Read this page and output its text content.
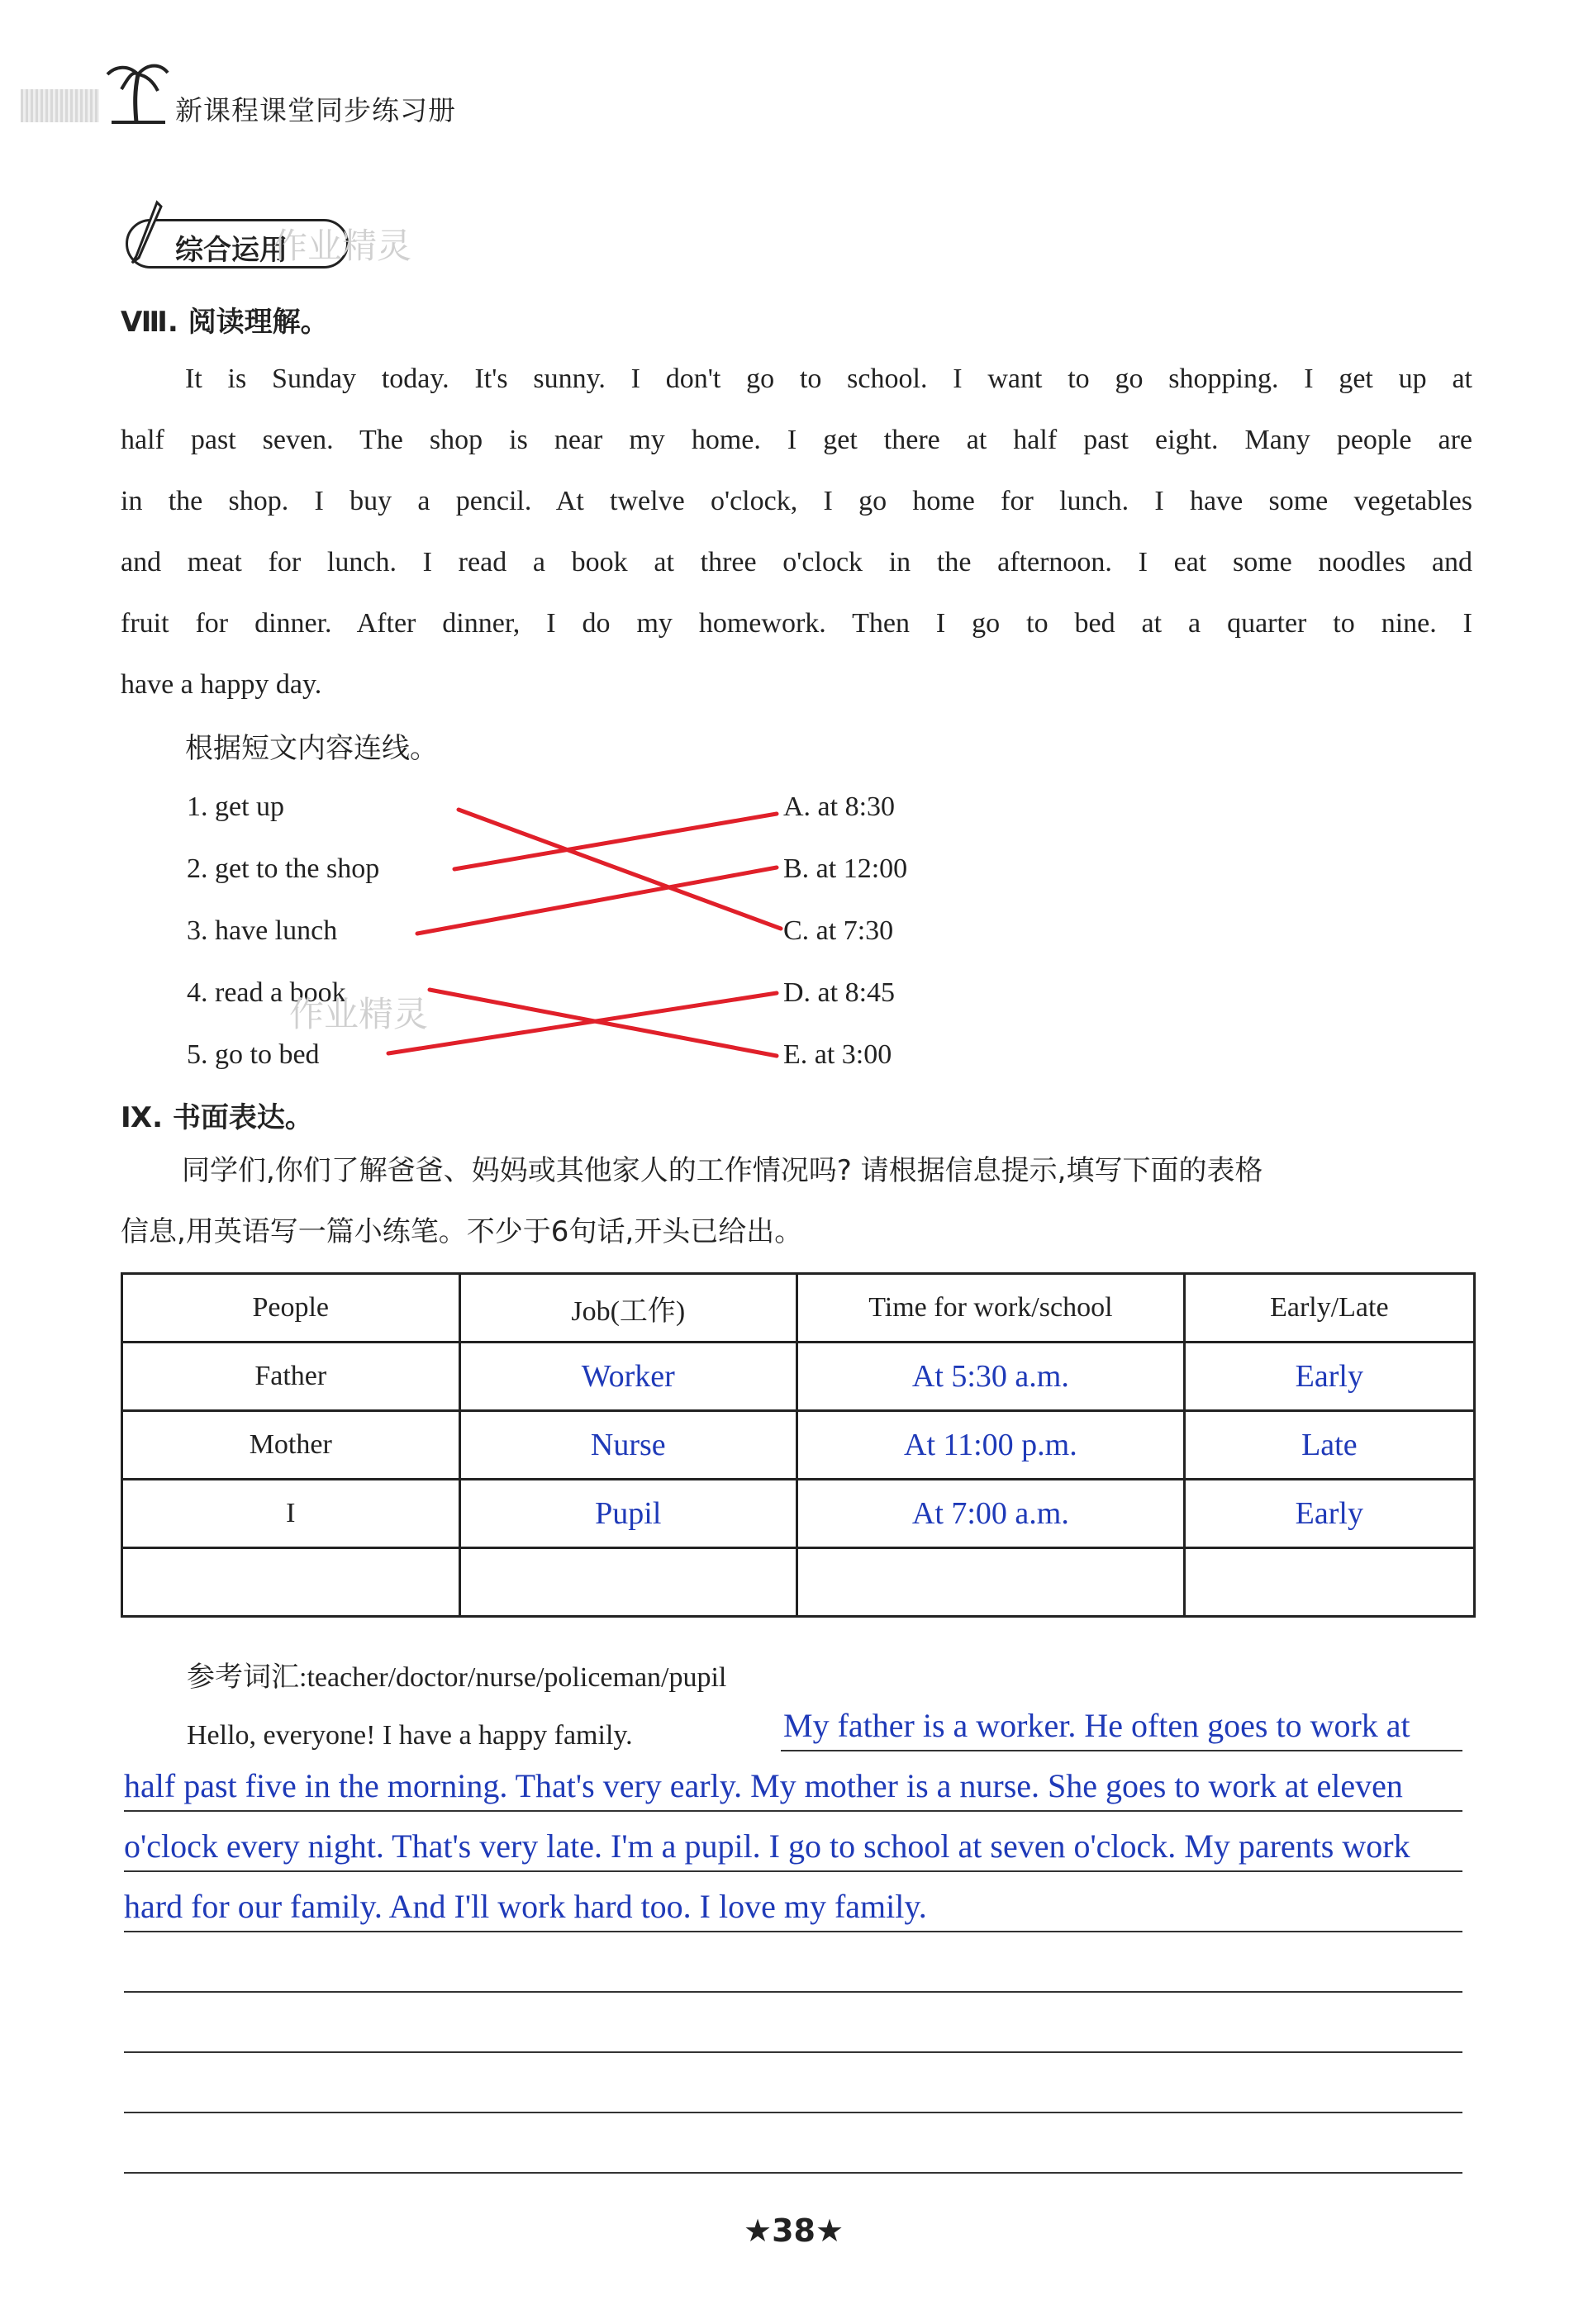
新课程课堂同步练习册
综合运用
作业精灵
Ⅷ. 阅读理解。
It is Sunday today. It's sunny. I don't go to school. I want to go shopping. I get up at
half past seven. The shop is near my home. I get there at half past eight. Many people are
in the shop. I buy a pencil. At twelve o'clock, I go home for lunch. I have some vegetables
and meat for lunch. I read a book at three o'clock in the afternoon. I eat some noodles and
fruit for dinner. After dinner, I do my homework. Then I go to bed at a quarter to nine. I
have a happy day.
根据短文内容连线。
1. get up
2. get to the shop
3. have lunch
4. read a book
5. go to bed
A. at 8:30
B. at 12:00
C. at 7:30
D. at 8:45
E. at 3:00
作业精灵
Ⅸ. 书面表达。
同学们,你们了解爸爸、妈妈或其他家人的工作情况吗? 请根据信息提示,填写下面的表格
信息,用英语写一篇小练笔。不少于6句话,开头已给出。
People	Job(工作)	Time for work/school	Early/Late
Father	Worker	At 5:30 a.m.	Early
Mother	Nurse	At 11:00 p.m.	Late
I	Pupil	At 7:00 a.m.	Early

参考词汇:teacher/doctor/nurse/policeman/pupil
Hello, everyone! I have a happy family.	My father is a worker. He often goes to work at
half past five in the morning. That's very early. My mother is a nurse. She goes to work at eleven
o'clock every night. That's very late. I'm a pupil. I go to school at seven o'clock. My parents work
hard for our family. And I'll work hard too. I love my family.
★38★
